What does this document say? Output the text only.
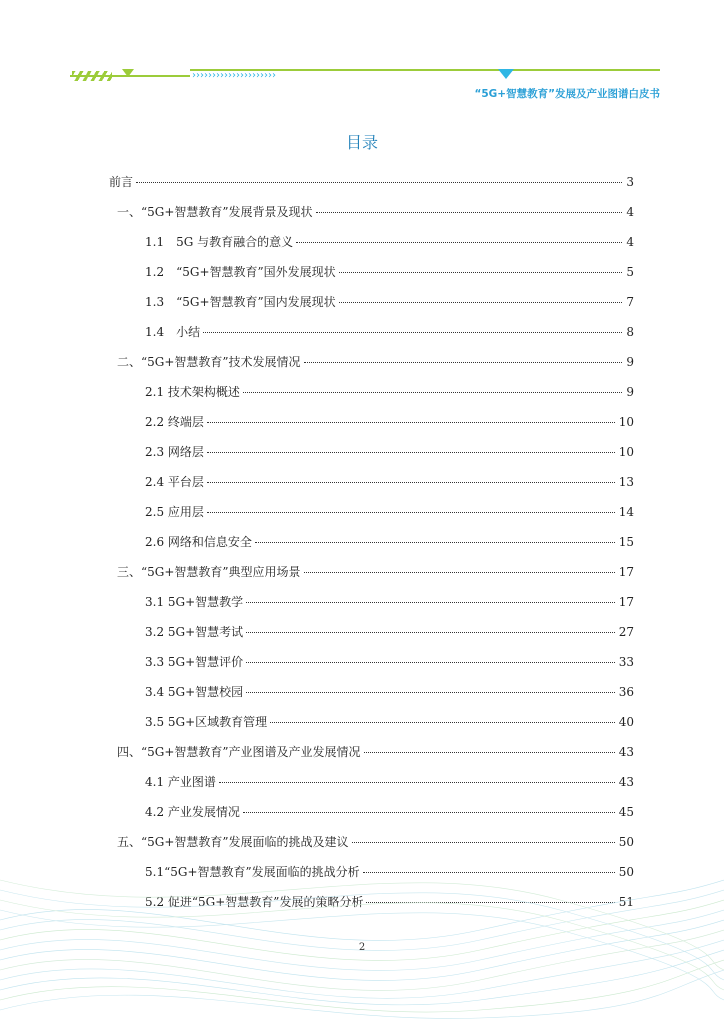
›››››››››››››››››››››
“5G+智慧教育”发展及产业图谱白皮书
目录
前言	3
一、“5G+智慧教育”发展背景及现状	4
1.1　5G 与教育融合的意义	4
1.2　“5G+智慧教育”国外发展现状	5
1.3　“5G+智慧教育”国内发展现状	7
1.4　小结	8
二、“5G+智慧教育”技术发展情况	9
2.1 技术架构概述	9
2.2 终端层	10
2.3 网络层	10
2.4 平台层	13
2.5 应用层	14
2.6 网络和信息安全	15
三、“5G+智慧教育”典型应用场景	17
3.1 5G+智慧教学	17
3.2 5G+智慧考试	27
3.3 5G+智慧评价	33
3.4 5G+智慧校园	36
3.5 5G+区域教育管理	40
四、“5G+智慧教育”产业图谱及产业发展情况	43
4.1 产业图谱	43
4.2 产业发展情况	45
五、“5G+智慧教育”发展面临的挑战及建议	50
5.1“5G+智慧教育”发展面临的挑战分析	50
5.2 促进“5G+智慧教育”发展的策略分析	51
2
